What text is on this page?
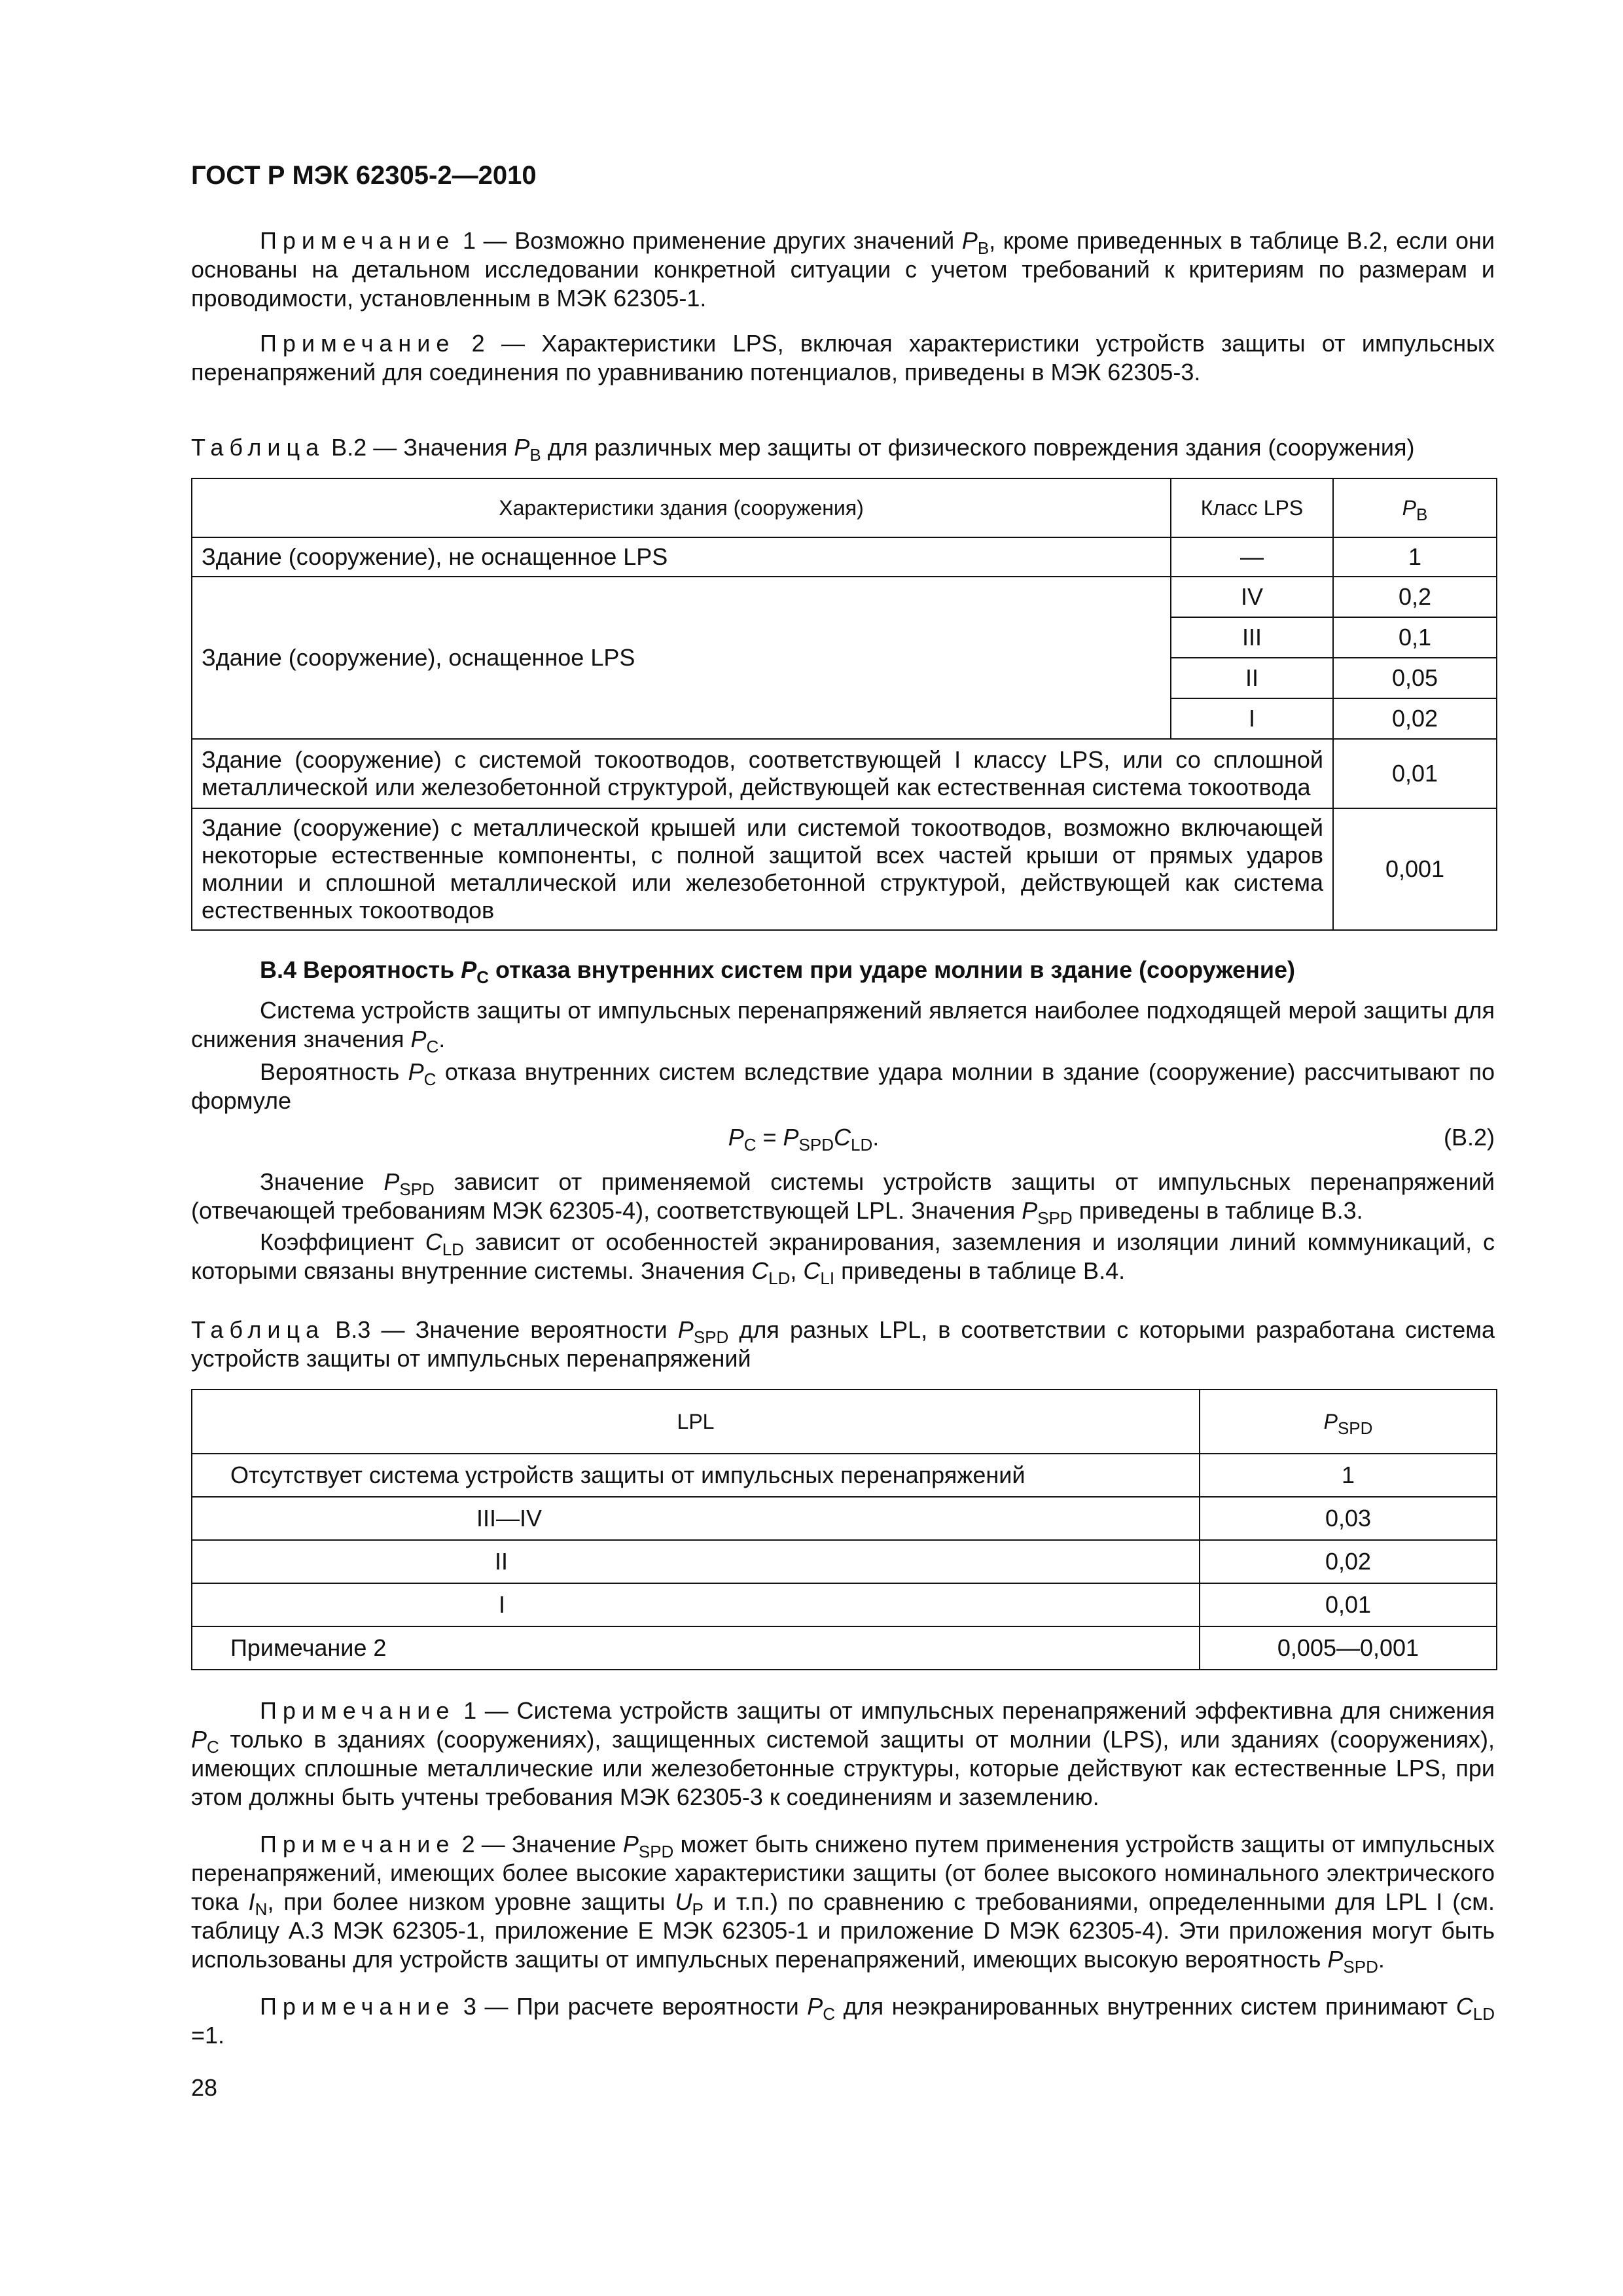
ГОСТ Р МЭК 62305-2—2010
Примечание 1 — Возможно применение других значений $P_B$, кроме приведенных в таблице B.2, если они основаны на детальном исследовании конкретной ситуации с учетом требований к критериям по размерам и проводимости, установленным в МЭК 62305-1.
Примечание 2 — Характеристики LPS, включая характеристики устройств защиты от импульсных перенапряжений для соединения по уравниванию потенциалов, приведены в МЭК 62305-3.
Таблица B.2 — Значения $P_B$ для различных мер защиты от физического повреждения здания (сооружения)
Характеристики здания (сооружения)	Класс LPS	$P_B$
Здание (сооружение), не оснащенное LPS	—	1
Здание (сооружение), оснащенное LPS	IV	0,2
	III	0,1
	II	0,05
	I	0,02
Здание (сооружение) с системой токоотводов, соответствующей I классу LPS, или со сплошной металлической или железобетонной структурой, действующей как естественная система токоотвода		0,01
Здание (сооружение) с металлической крышей или системой токоотводов, возможно включающей некоторые естественные компоненты, с полной защитой всех частей крыши от прямых ударов молнии и сплошной металлической или железобетонной структурой, действующей как система естественных токоотводов		0,001
B.4 Вероятность $P_C$ отказа внутренних систем при ударе молнии в здание (сооружение)
Система устройств защиты от импульсных перенапряжений является наиболее подходящей мерой защиты для снижения значения $P_C$.
Вероятность $P_C$ отказа внутренних систем вследствие удара молнии в здание (сооружение) рассчитывают по формуле
$P_C = P_{SPD}C_{LD}$.	(B.2)
Значение $P_{SPD}$ зависит от применяемой системы устройств защиты от импульсных перенапряжений (отвечающей требованиям МЭК 62305-4), соответствующей LPL. Значения $P_{SPD}$ приведены в таблице B.3.
Коэффициент $C_{LD}$ зависит от особенностей экранирования, заземления и изоляции линий коммуникаций, с которыми связаны внутренние системы. Значения $C_{LD}$, $C_{LI}$ приведены в таблице B.4.
Таблица B.3 — Значение вероятности $P_{SPD}$ для разных LPL, в соответствии с которыми разработана система устройств защиты от импульсных перенапряжений
LPL	$P_{SPD}$
Отсутствует система устройств защиты от импульсных перенапряжений	1
III—IV	0,03
II	0,02
I	0,01
Примечание 2	0,005—0,001
Примечание 1 — Система устройств защиты от импульсных перенапряжений эффективна для снижения $P_C$ только в зданиях (сооружениях), защищенных системой защиты от молнии (LPS), или зданиях (сооружениях), имеющих сплошные металлические или железобетонные структуры, которые действуют как естественные LPS, при этом должны быть учтены требования МЭК 62305-3 к соединениям и заземлению.
Примечание 2 — Значение $P_{SPD}$ может быть снижено путем применения устройств защиты от импульсных перенапряжений, имеющих более высокие характеристики защиты (от более высокого номинального электрического тока $I_N$, при более низком уровне защиты $U_P$ и т.п.) по сравнению с требованиями, определенными для LPL I (см. таблицу A.3 МЭК 62305-1, приложение E МЭК 62305-1 и приложение D МЭК 62305-4). Эти приложения могут быть использованы для устройств защиты от импульсных перенапряжений, имеющих высокую вероятность $P_{SPD}$.
Примечание 3 — При расчете вероятности $P_C$ для неэкранированных внутренних систем принимают $C_{LD} =1$.
28
